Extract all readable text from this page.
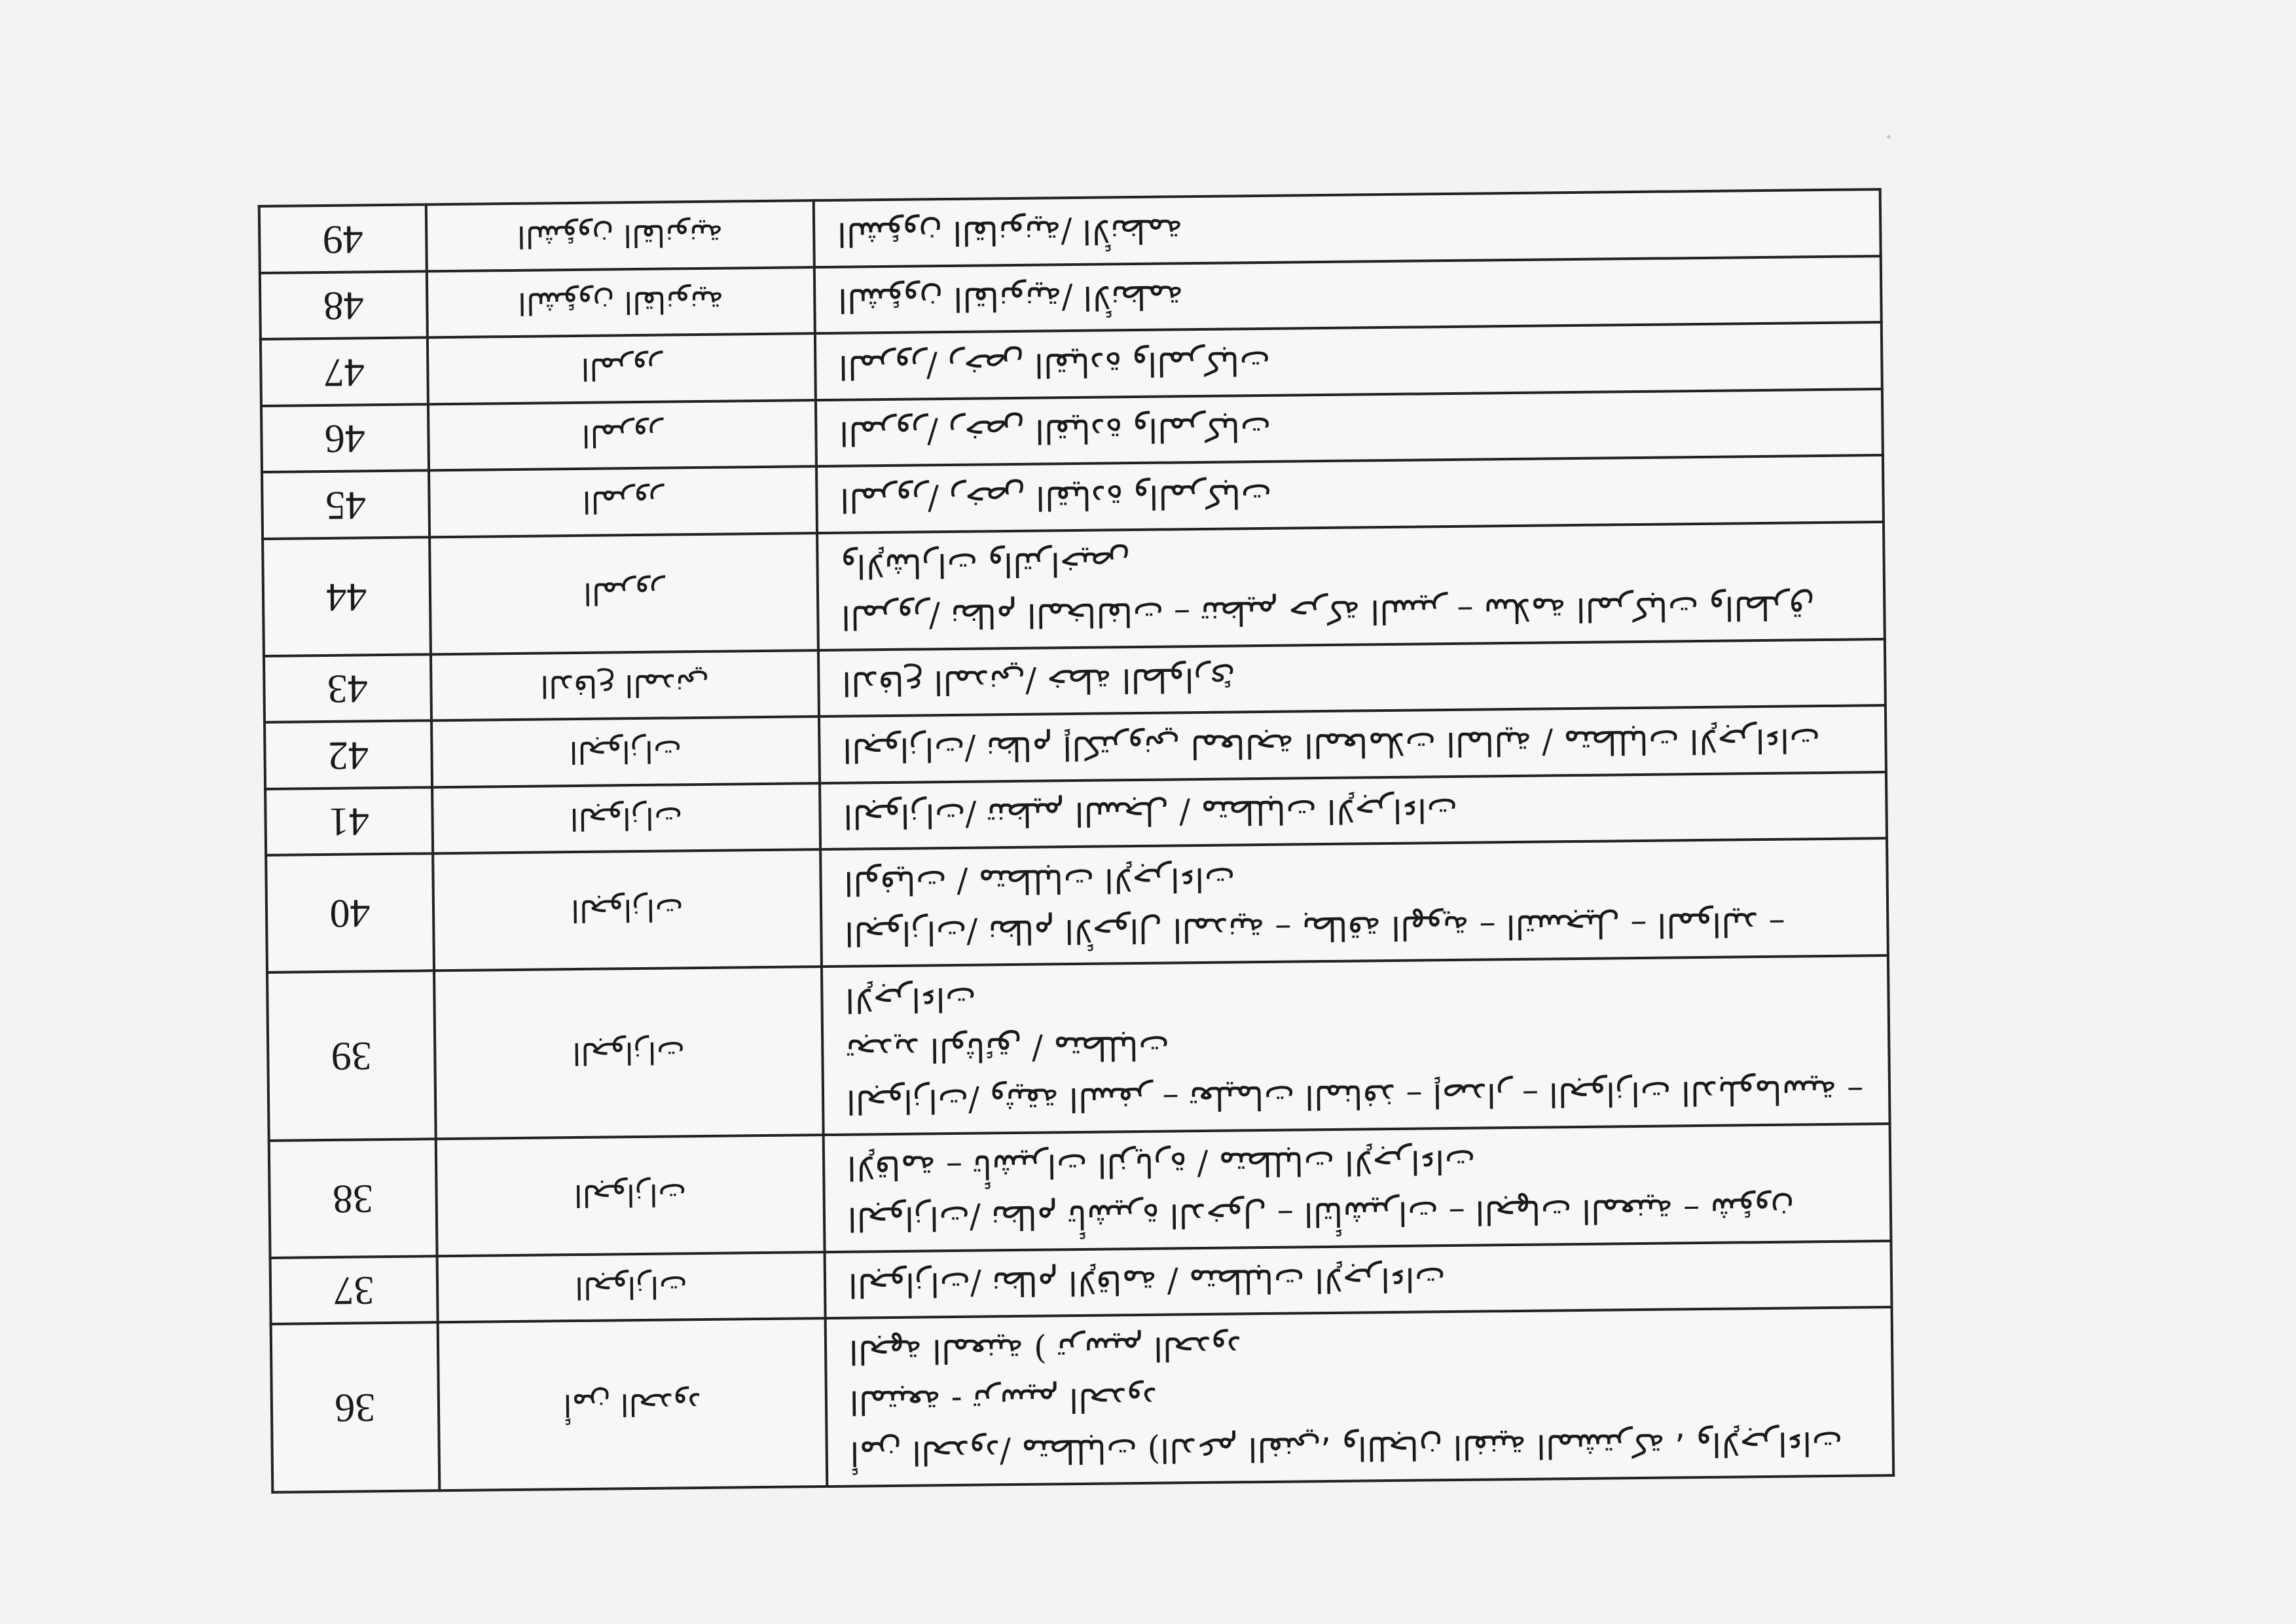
أمن الحدود/ متطلبات (الدعم الفني، واللجان الفنية المشتركة ، والإجراءات المتبعة - ترسيم الحدود
الجهة المعنية ( ترسيم الحدود	أمن الحدود	36

الجوازات/ نظام الإقامة / متطلبات الإجراءات	الجوازات	37

الجوازات/ نظام تأشيرة الدخول – التأشيرات – الجهات المعنية – شؤون الإقامة – تأشيرات الزيارة / متطلبات الإجراءات	الجوازات	38

الجوازات/ وثيقة السفر – تعليمات المنافذ – إصدار – الجوازات الدبلوماسية – تجديد الوثائق / متطلبات
الإجراءات	الجوازات	39

الجوازات/ نظام الأحوال المدنية – بطاقة الهوية – التسجيل – المواليد – الوفيات / متطلبات الإجراءات	الجوازات	40

الجوازات/ تنظيم السجل / متطلبات الإجراءات	الجوازات	41

الجوازات/ نظام إلكتروني لمعالجة المعاملات المالية / متطلبات الإجراءات	الجوازات	42

الدفاع المدني/ خطة الطوارئ	الدفاع المدني	43

المرور/ نظام المخالفات – تنظيم حركة السير – سلامة المركبات والطرق والإشارات والتراخيص	المرور	44

المرور/ رخص القيادة والمركبات	المرور	45

المرور/ رخص القيادة والمركبات	المرور	46

المرور/ رخص القيادة والمركبات	المرور	47

الشؤون القانونية/ الأنظمة	الشؤون القانونية	48

الشؤون القانونية/ الأنظمة	الشؤون القانونية	49
